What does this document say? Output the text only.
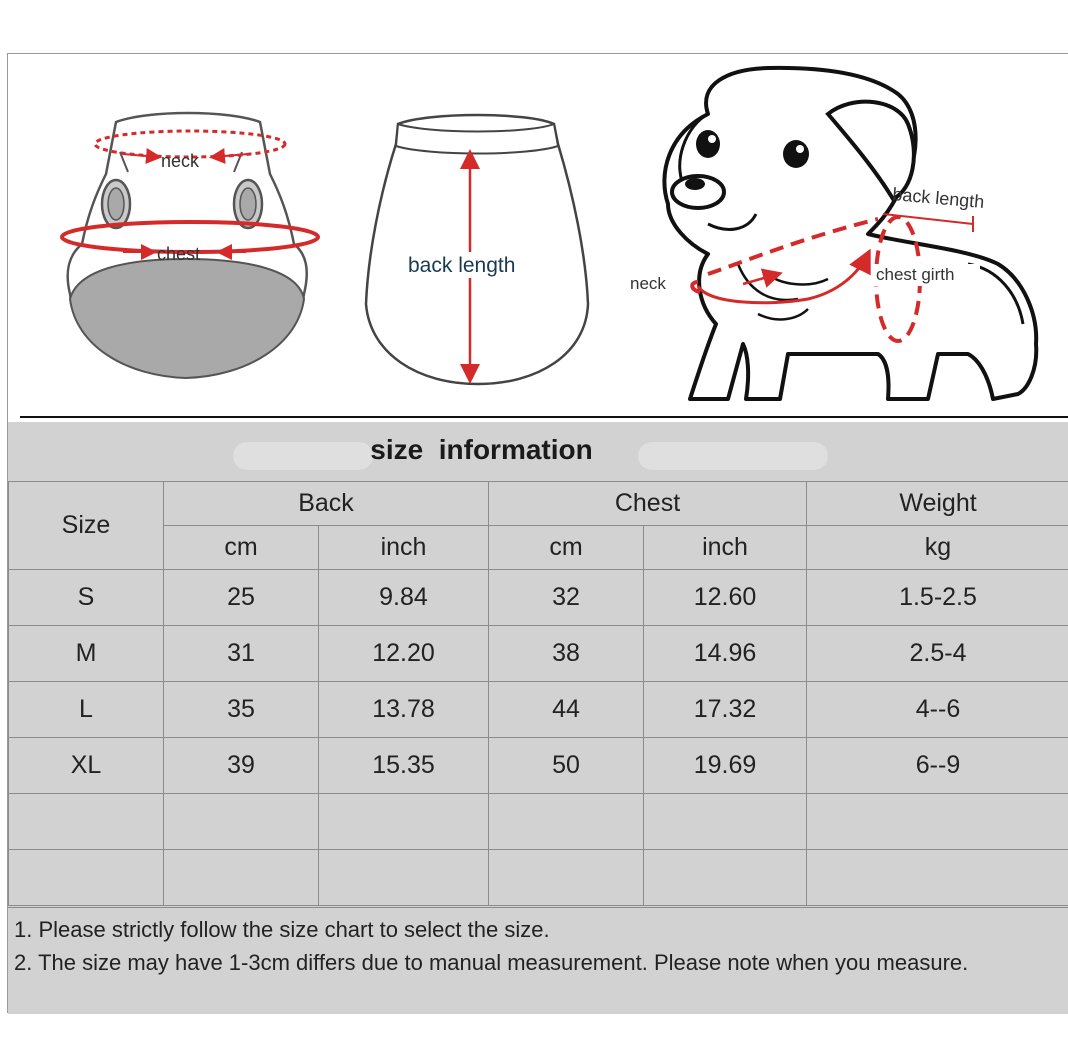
neck
chest	back length
back length
chest girth
neck
size  information
Size	Back		Chest		Weight
	cm	inch	cm	inch	kg
S	25	9.84	32	12.60	1.5-2.5
M	31	12.20	38	14.96	2.5-4
L	35	13.78	44	17.32	4--6
XL	39	15.35	50	19.69	6--9

1. Please strictly follow the size chart to select the size.
2. The size may have 1-3cm differs due to manual measurement. Please note when you measure.
